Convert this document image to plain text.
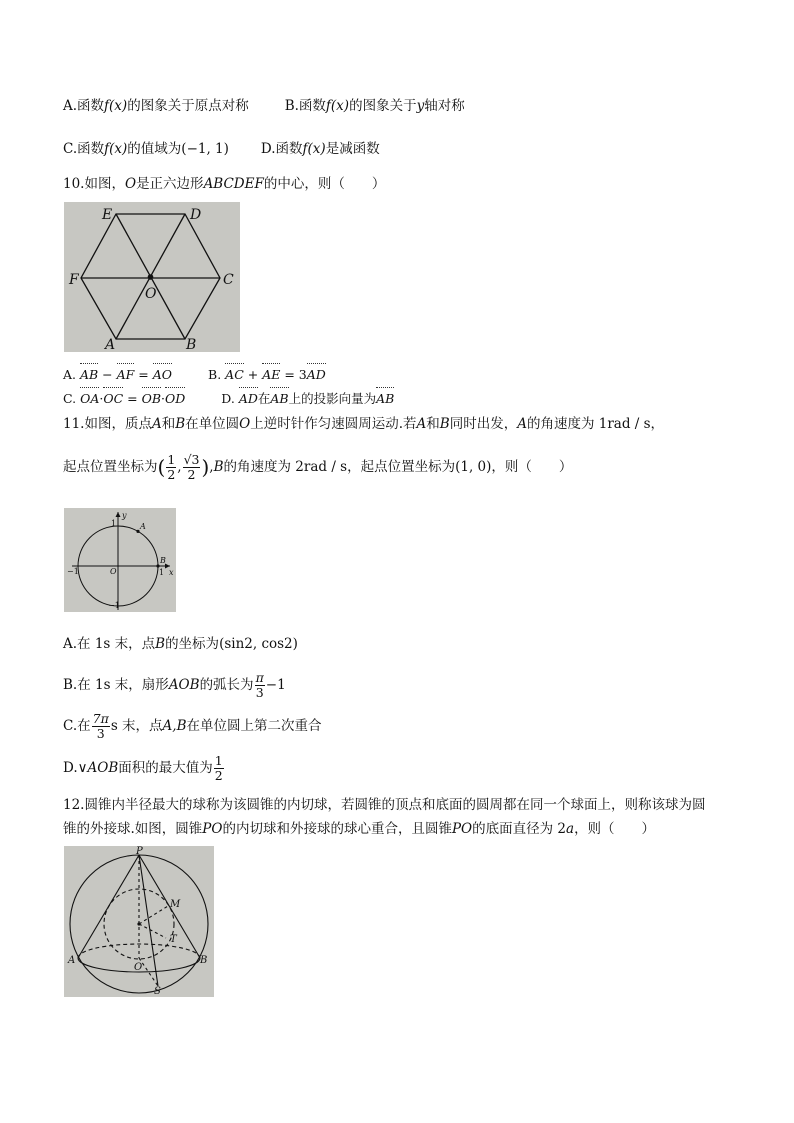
A.函数f(x)的图象关于原点对称	B.函数f(x)的图象关于y轴对称
C.函数f(x)的值域为(−1, 1) D.函数f(x)是减函数
10.如图，O是正六边形ABCDEF的中心，则（　　）
E	D
F	C
O
A	B
A. AB − AF = AO	B. AC + AE = 3AD
C. OA·OC = OB·OD	D. AD在AB上的投影向量为AB
11.如图，质点A和B在单位圆O上逆时针作匀速圆周运动.若A和B同时出发，A的角速度为 1rad / s，
起点位置坐标为( $\frac{1}{2}$ , $\frac{√3}{2} ),B$的角速度为 2rad / s，起点位置坐标为(1, 0)，则（　　）
y
x
1
−1	O	1
−1
A
B
A.在 1s 末，点B的坐标为(sin2, cos2)
B.在 1s 末，扇形AOB的弧长为 $\frac{\pi}{3} -1$
C.在 $\frac{7\pi}{3}$ s 末，点A,B在单位圆上第二次重合
D.∨AOB面积的最大值为 $\frac{1}{2}$
12.圆锥内半径最大的球称为该圆锥的内切球，若圆锥的顶点和底面的圆周都在同一个球面上，则称该球为圆
锥的外接球.如图，圆锥PO的内切球和外接球的球心重合，且圆锥PO的底面直径为 2a，则（　　）
P
M
T
A
O
B
S
